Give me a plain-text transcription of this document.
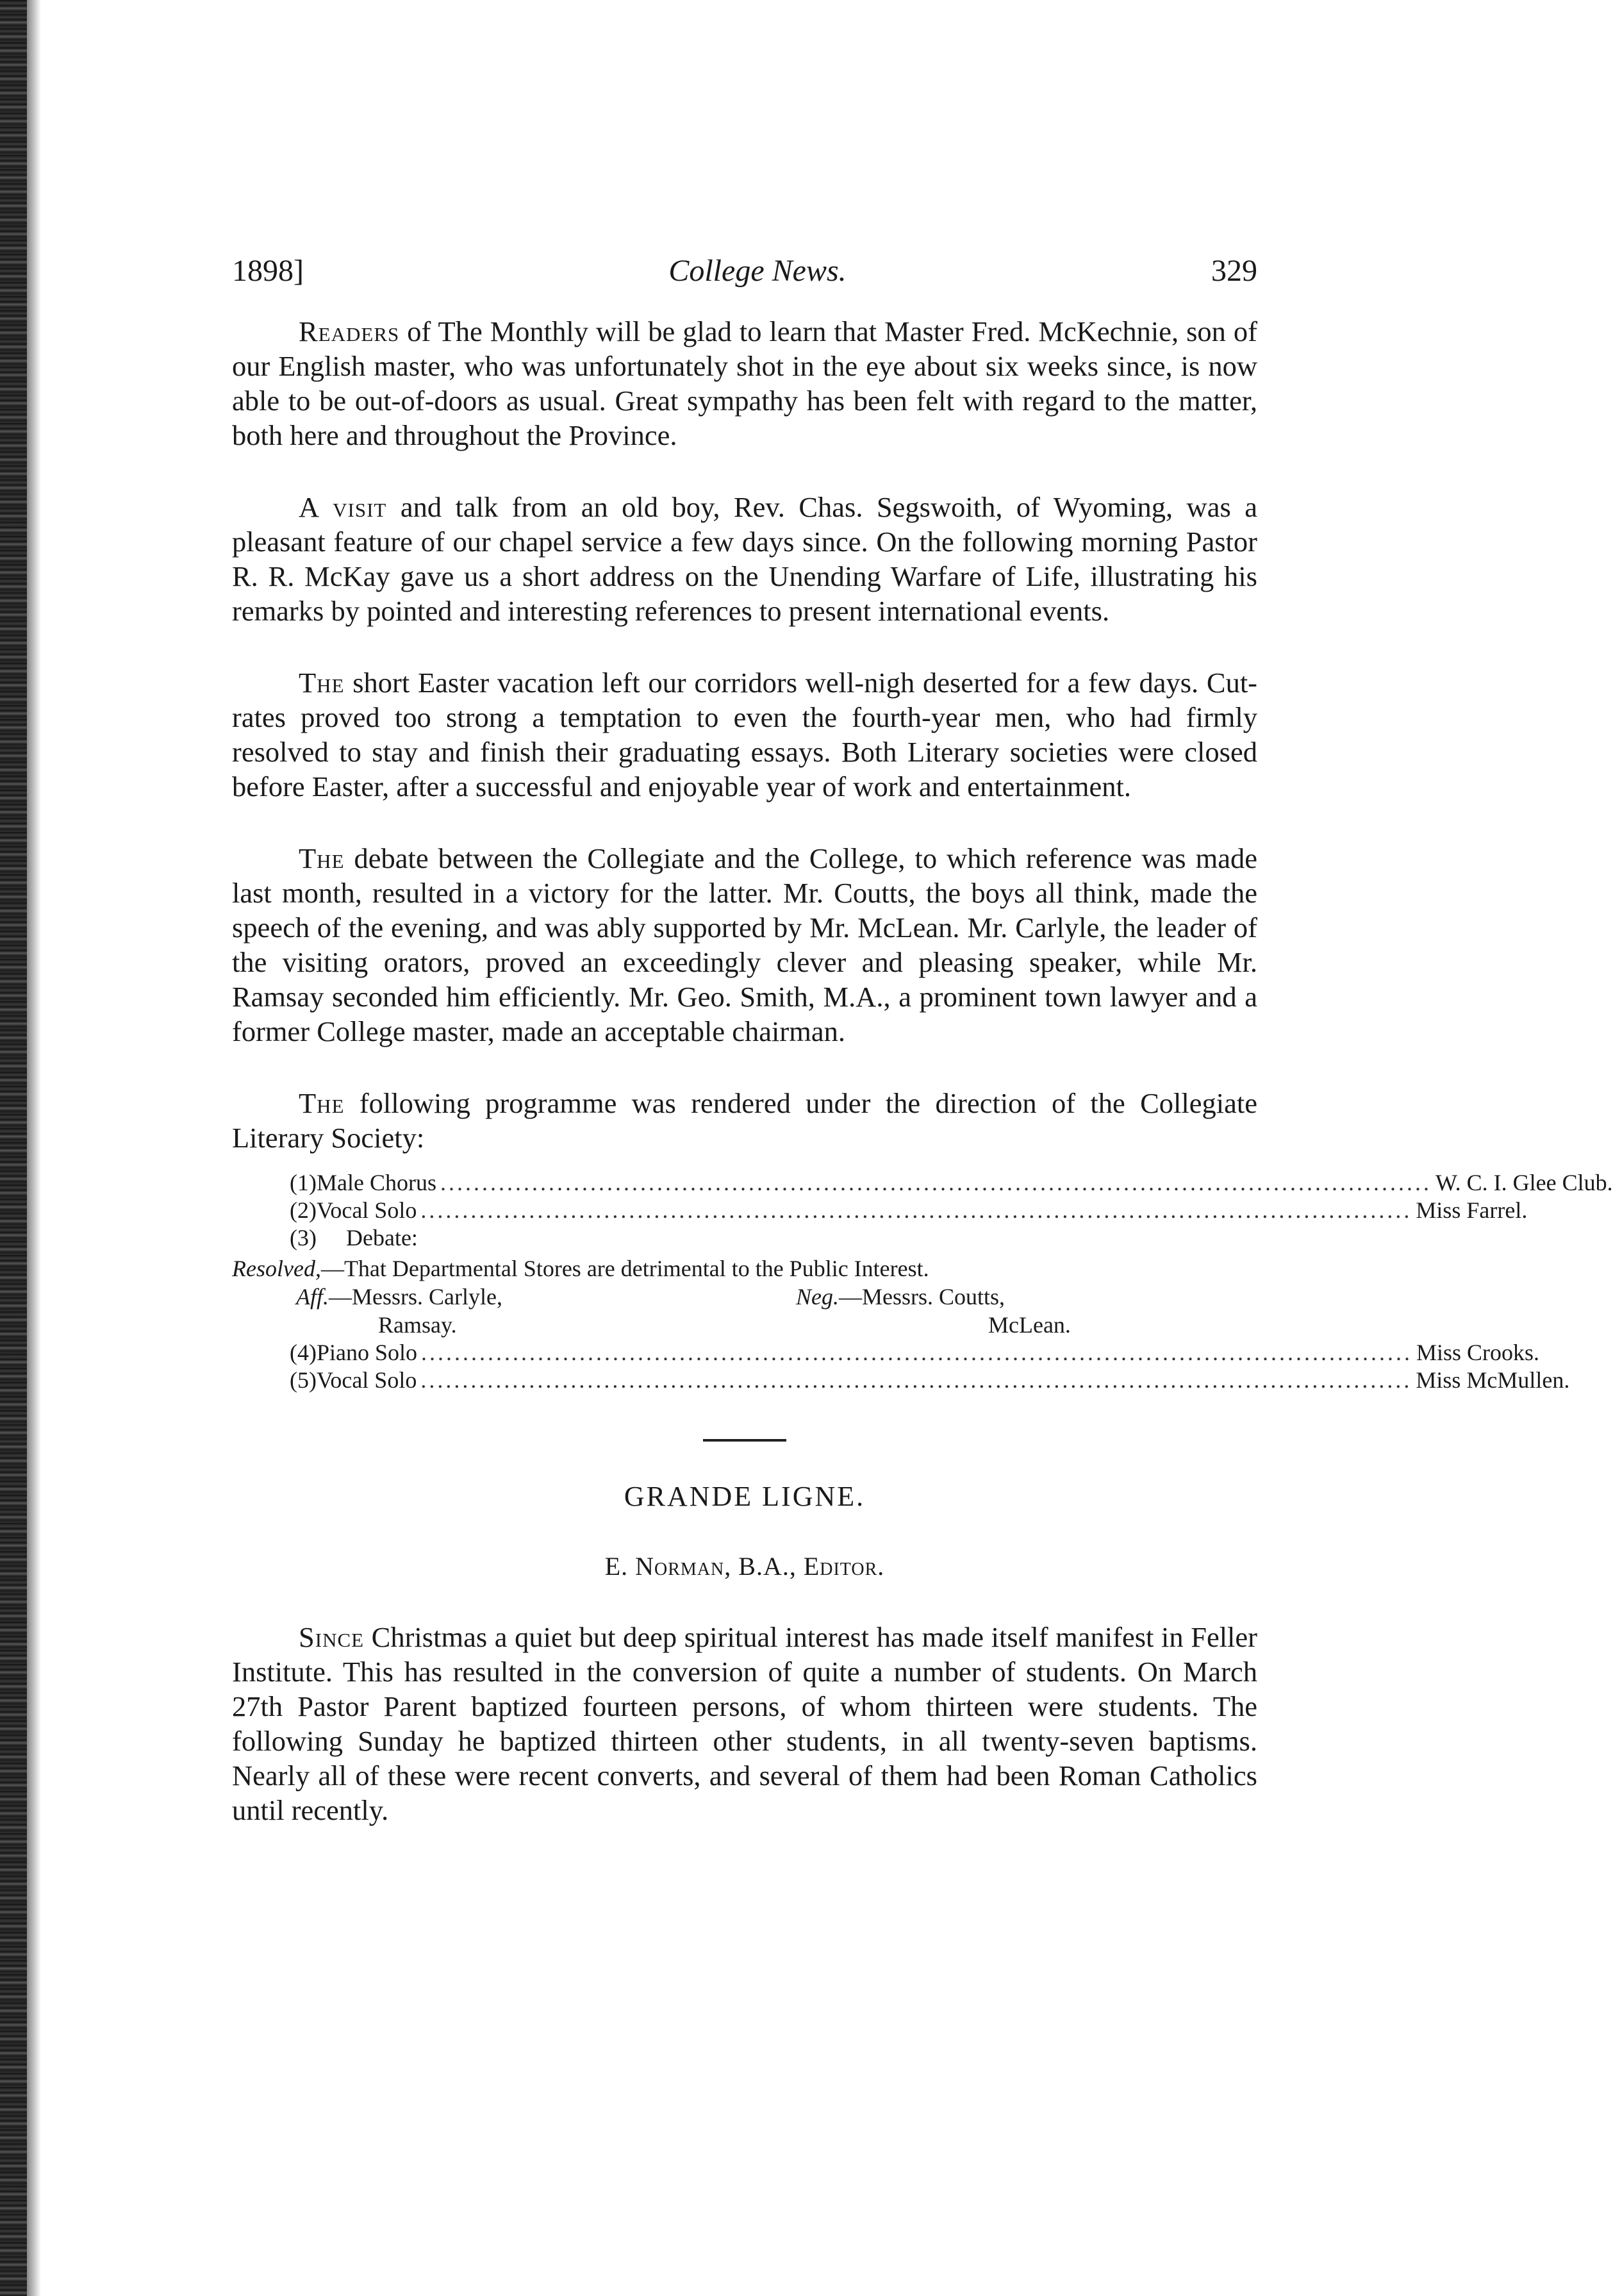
1898]	College News.	329

Readers of The Monthly will be glad to learn that Master Fred. McKechnie, son of our English master, who was unfortunately shot in the eye about six weeks since, is now able to be out-of-doors as usual. Great sympathy has been felt with regard to the matter, both here and throughout the Province.

A visit and talk from an old boy, Rev. Chas. Segswoith, of Wyoming, was a pleasant feature of our chapel service a few days since. On the following morning Pastor R. R. McKay gave us a short address on the Unending Warfare of Life, illustrating his remarks by pointed and interesting references to present international events.

The short Easter vacation left our corridors well-nigh deserted for a few days. Cut-rates proved too strong a temptation to even the fourth-year men, who had firmly resolved to stay and finish their graduating essays. Both Literary societies were closed before Easter, after a successful and enjoyable year of work and entertainment.

The debate between the Collegiate and the College, to which reference was made last month, resulted in a victory for the latter. Mr. Coutts, the boys all think, made the speech of the evening, and was ably supported by Mr. McLean. Mr. Carlyle, the leader of the visiting orators, proved an exceedingly clever and pleasing speaker, while Mr. Ramsay seconded him efficiently. Mr. Geo. Smith, M.A., a prominent town lawyer and a former College master, made an acceptable chairman.

The following programme was rendered under the direction of the Collegiate Literary Society:

(1) Male Chorus ....................................................................................................................... W. C. I. Glee Club.
(2) Vocal Solo ....................................................................................................................... Miss Farrel.
(3)	Debate:
Resolved,—That Departmental Stores are detrimental to the Public Interest.
Aff.—Messrs. Carlyle,
Ramsay.
Neg.—Messrs. Coutts,
McLean.
(4) Piano Solo ....................................................................................................................... Miss Crooks.
(5) Vocal Solo ....................................................................................................................... Miss McMullen.
GRANDE LIGNE.
E. Norman, B.A., Editor.

Since Christmas a quiet but deep spiritual interest has made itself manifest in Feller Institute. This has resulted in the conversion of quite a number of students. On March 27th Pastor Parent baptized fourteen persons, of whom thirteen were students. The following Sunday he baptized thirteen other students, in all twenty-seven baptisms. Nearly all of these were recent converts, and several of them had been Roman Catholics until recently.
